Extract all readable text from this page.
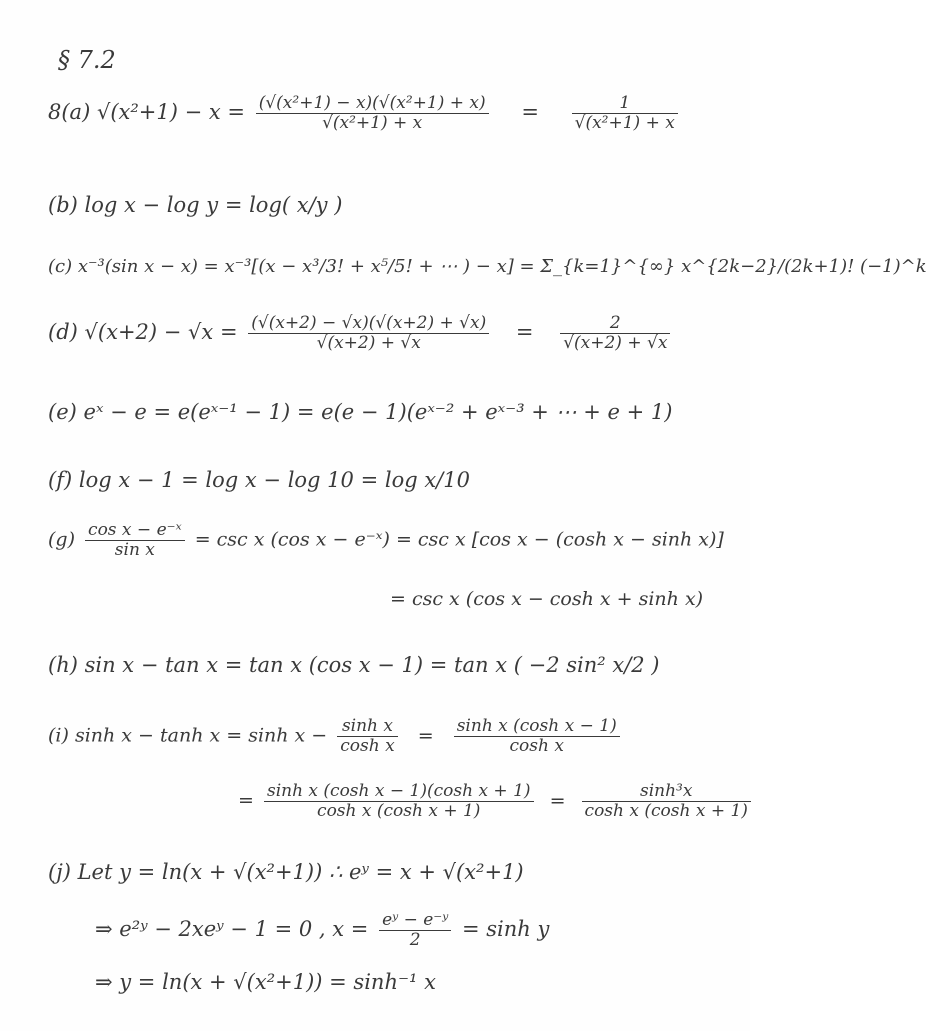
§ 7.2
8(a) $√(x^2+1) - x = \frac{\text{(√(x²+1) − x)(√(x²+1) + x)}}{\text{√(x²+1) + x}} = \frac{1}{\text{√(x²+1) + x}}$
(b) log x − log y = log( x/y )
(c) x⁻³(sin x − x) = x⁻³[(x − x³/3! + x⁵/5! + ⋯ ) − x] = Σ_{k=1}^{∞} x^{2k−2}/(2k+1)! (−1)^k
(d) $√(x+2) - √x = \frac{(√(x+2) - √x)(√(x+2) + √x)}{√(x+2) + √x} = \frac{2}{√(x+2) + √x}$
(e) eˣ − e = e(eˣ⁻¹ − 1) = e(e − 1)(eˣ⁻² + eˣ⁻³ + ⋯ + e + 1)
(f) log x − 1 = log x − log 10 = log x/10
$(g) \frac{\text{cos x − e⁻ˣ}}{\text{sin x}} = \csc x$ (cos x − e⁻ˣ) = csc x [cos x − (cosh x − sinh x)]
= csc x (cos x − cosh x + sinh x)
(h) sin x − tan x = tan x (cos x − 1) = tan x ( −2 sin² x/2 )
(i) $\sinh x - \tanh x = \sinh x - \frac{\text{sinh x}}{\text{cosh x}} = \frac{\text{sinh x (cosh x − 1)}}{\text{cosh x}}$
= $\frac{\text{sinh x (cosh x − 1)(cosh x + 1)}}{\text{cosh x (cosh x + 1)}} = \frac{\text{sinh³x}}{\text{cosh x (cosh x + 1)}}$
(j) Let y = ln(x + √(x²+1)) ∴ eʸ = x + √(x²+1)
⇒ e²ʸ − 2xeʸ − 1 = 0 , $x = \frac{\text{eʸ − e⁻ʸ}}{2} = \sinh y$
⇒ y = ln(x + √(x²+1)) = sinh⁻¹ x
